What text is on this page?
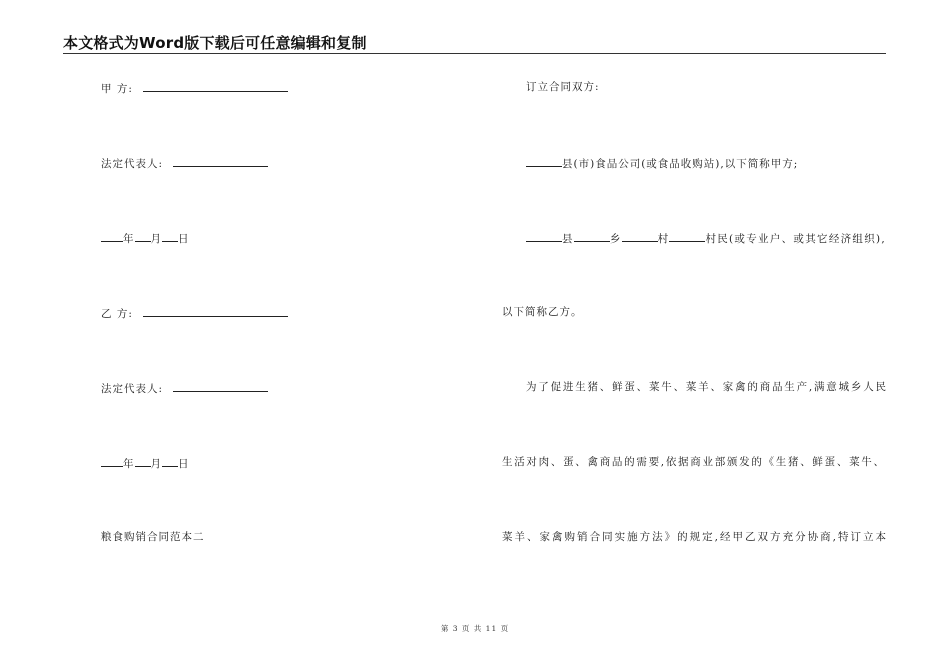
本文格式为Word版下载后可任意编辑和复制
甲 方:
法定代表人:
年 月 日
乙 方:
法定代表人:
年 月 日
粮食购销合同范本二
订立合同双方:
县(市)食品公司(或食品收购站),以下简称甲方;
县	乡	村	村民(或专业户、或其它经济组织),
以下简称乙方。
为了促进生猪、鲜蛋、菜牛、菜羊、家禽的商品生产,满意城乡人民
生活对肉、蛋、禽商品的需要,依据商业部颁发的《生猪、鲜蛋、菜牛、
菜羊、家禽购销合同实施方法》的规定,经甲乙双方充分协商,特订立本
第 3 页 共 11 页
